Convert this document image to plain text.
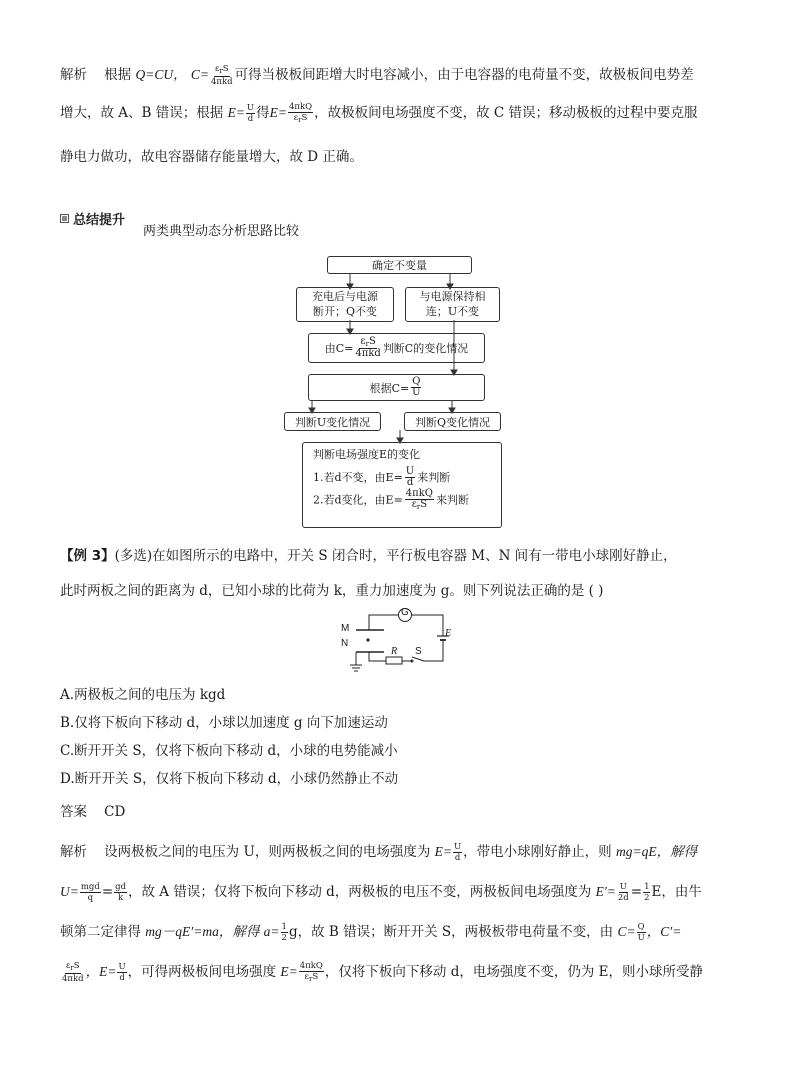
解析 根据 Q=CU， $C= \frac{\varepsilon_rS}{\text{4πkd}}$ 可得当极板间距增大时电容减小，由于电容器的电荷量不变，故极板间电势差
增大，故 A、B 错误；根据 $E= \frac{U}{d}$ 得$E= \frac{\text{4πkQ}}{\varepsilon_rS}$ ，故极板间电场强度不变，故 C 错误；移动极板的过程中要克服
静电力做功，故电容器储存能量增大，故 D 正确。
总结提升
两类典型动态分析思路比较
确定不变量
充电后与电源
断开；Q不变
与电源保持相
连；U不变
由C=
$\varepsilon_rS$
4πkd 判断C的变化情况
根据$C= \frac{Q}{U}$
判断U变化情况	判断Q变化情况
判断电场强度E的变化
1.若d不变，由$E= \frac{U}{d}$ 来判断
2.若d变化，由E= 4πkQ
$\varepsilon_rS$ 来判断
【例 3】(多选)在如图所示的电路中，开关 S 闭合时，平行板电容器 M、N 间有一带电小球刚好静止，
此时两板之间的距离为 d，已知小球的比荷为 k，重力加速度为 g。则下列说法正确的是 ( )
G
M
N
E
R S
A.两极板之间的电压为 kgd
B.仅将下板向下移动 d，小球以加速度 g 向下加速运动
C.断开开关 S，仅将下板向下移动 d，小球的电势能减小
D.断开开关 S，仅将下板向下移动 d，小球仍然静止不动
答案 CD
解析 设两极板之间的电压为 U，则两极板之间的电场强度为 $E= \frac{U}{d}$ ，带电小球刚好静止，则 mg=qE，解得
$U= \frac{\text{mgd}}{q} = \frac{gd}{k}$ ，故 A 错误；仅将下板向下移动 d，两极板的电压不变，两极板间电场强度为 $E'= \frac{U}{2d} = \frac{1}{2}$ E，由牛
顿第二定律得 mg－qE′=ma，解得 $a= \frac{1}{2}$ g，故 B 错误；断开开关 S，两极板带电荷量不变，由 $C= \frac{Q}{U}$ ，C′=
$\frac{\varepsilon_rS}{\text{4πkd}}$ ，$E= \frac{U}{d}$ ，可得两极板间电场强度 $E= \frac{\text{4πkQ}}{\varepsilon_rS}$ ，仅将下板向下移动 d，电场强度不变，仍为 E，则小球所受静
